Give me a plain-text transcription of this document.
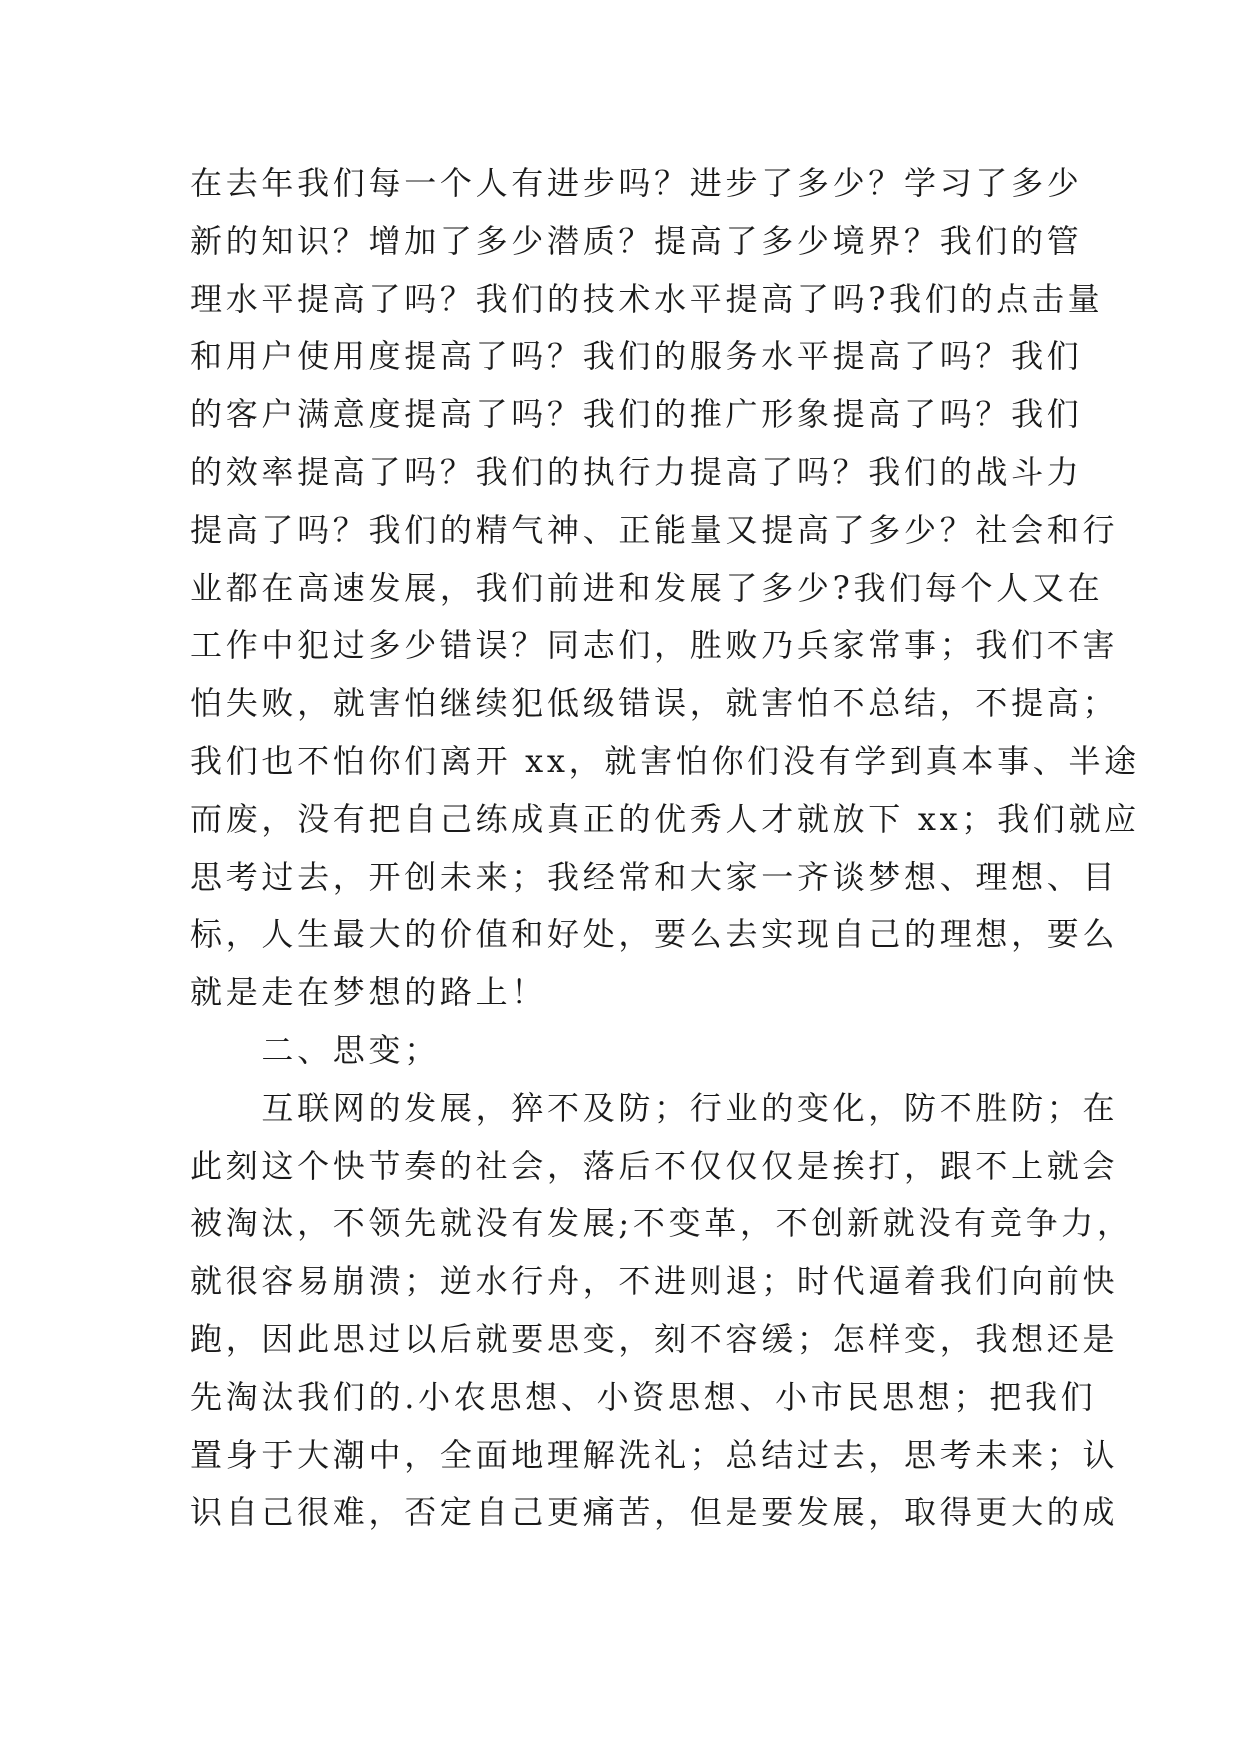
在去年我们每一个人有进步吗？进步了多少？学习了多少
新的知识？增加了多少潜质？提高了多少境界？我们的管
理水平提高了吗？我们的技术水平提高了吗?我们的点击量
和用户使用度提高了吗？我们的服务水平提高了吗？我们
的客户满意度提高了吗？我们的推广形象提高了吗？我们
的效率提高了吗？我们的执行力提高了吗？我们的战斗力
提高了吗？我们的精气神、正能量又提高了多少？社会和行
业都在高速发展，我们前进和发展了多少?我们每个人又在
工作中犯过多少错误？同志们，胜败乃兵家常事；我们不害
怕失败，就害怕继续犯低级错误，就害怕不总结，不提高；
我们也不怕你们离开 xx，就害怕你们没有学到真本事、半途
而废，没有把自己练成真正的优秀人才就放下 xx；我们就应
思考过去，开创未来；我经常和大家一齐谈梦想、理想、目
标，人生最大的价值和好处，要么去实现自己的理想，要么
就是走在梦想的路上！
　　二、思变；
　　互联网的发展，猝不及防；行业的变化，防不胜防；在
此刻这个快节奏的社会，落后不仅仅仅是挨打，跟不上就会
被淘汰，不领先就没有发展;不变革，不创新就没有竞争力，
就很容易崩溃；逆水行舟，不进则退；时代逼着我们向前快
跑，因此思过以后就要思变，刻不容缓；怎样变，我想还是
先淘汰我们的.小农思想、小资思想、小市民思想；把我们
置身于大潮中，全面地理解洗礼；总结过去，思考未来；认
识自己很难，否定自己更痛苦，但是要发展，取得更大的成
